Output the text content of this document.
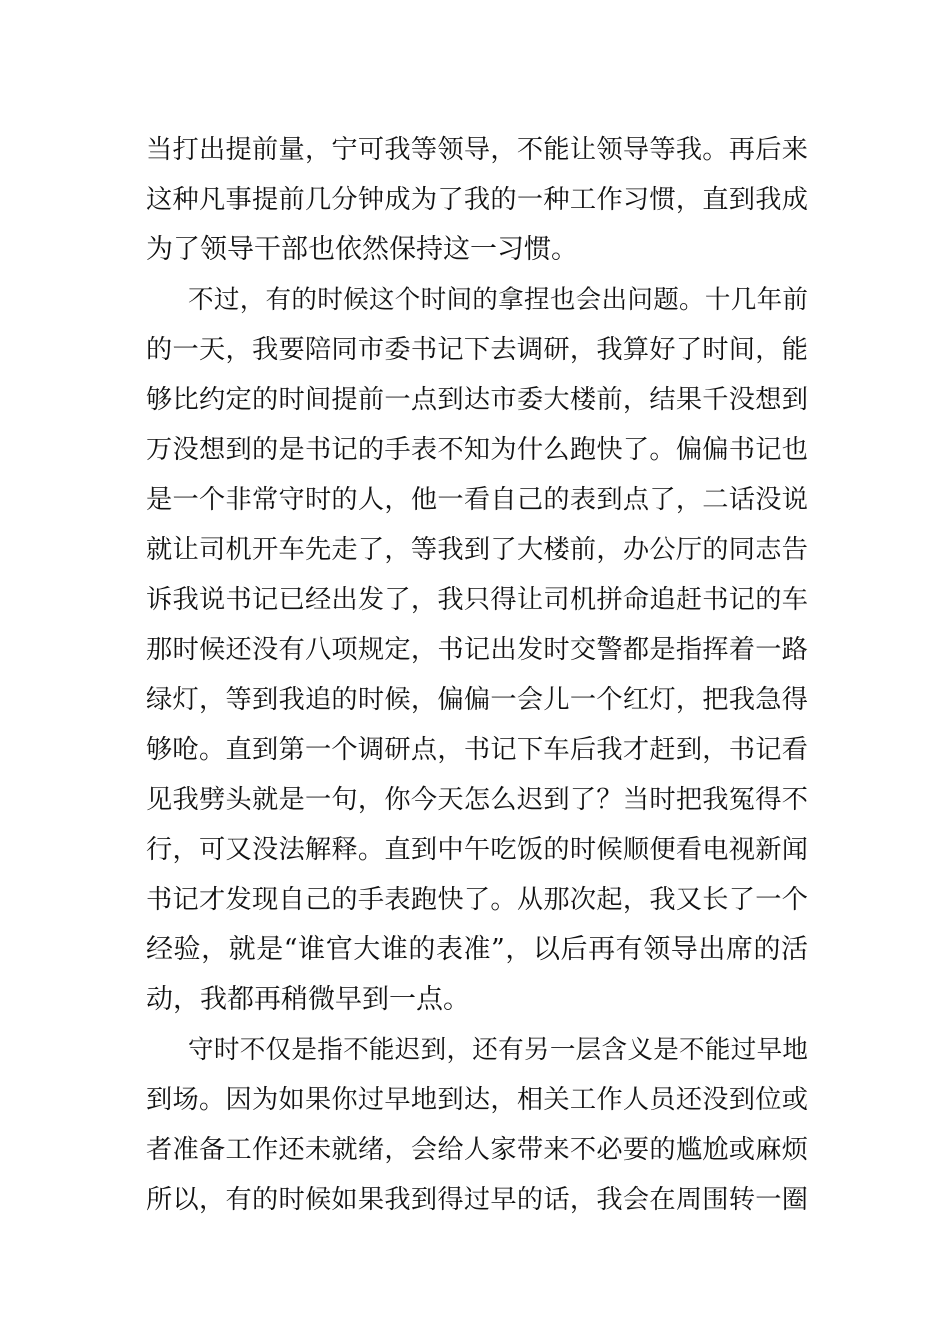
当打出提前量，宁可我等领导，不能让领导等我。再后来
这种凡事提前几分钟成为了我的一种工作习惯，直到我成
为了领导干部也依然保持这一习惯。
不过，有的时候这个时间的拿捏也会出问题。十几年前
的一天，我要陪同市委书记下去调研，我算好了时间，能
够比约定的时间提前一点到达市委大楼前，结果千没想到
万没想到的是书记的手表不知为什么跑快了。偏偏书记也
是一个非常守时的人，他一看自己的表到点了，二话没说
就让司机开车先走了，等我到了大楼前，办公厅的同志告
诉我说书记已经出发了，我只得让司机拼命追赶书记的车
那时候还没有八项规定，书记出发时交警都是指挥着一路
绿灯，等到我追的时候，偏偏一会儿一个红灯，把我急得
够呛。直到第一个调研点，书记下车后我才赶到，书记看
见我劈头就是一句，你今天怎么迟到了？当时把我冤得不
行，可又没法解释。直到中午吃饭的时候顺便看电视新闻
书记才发现自己的手表跑快了。从那次起，我又长了一个
经验，就是“谁官大谁的表准”，以后再有领导出席的活
动，我都再稍微早到一点。
守时不仅是指不能迟到，还有另一层含义是不能过早地
到场。因为如果你过早地到达，相关工作人员还没到位或
者准备工作还未就绪，会给人家带来不必要的尴尬或麻烦
所以，有的时候如果我到得过早的话，我会在周围转一圈
